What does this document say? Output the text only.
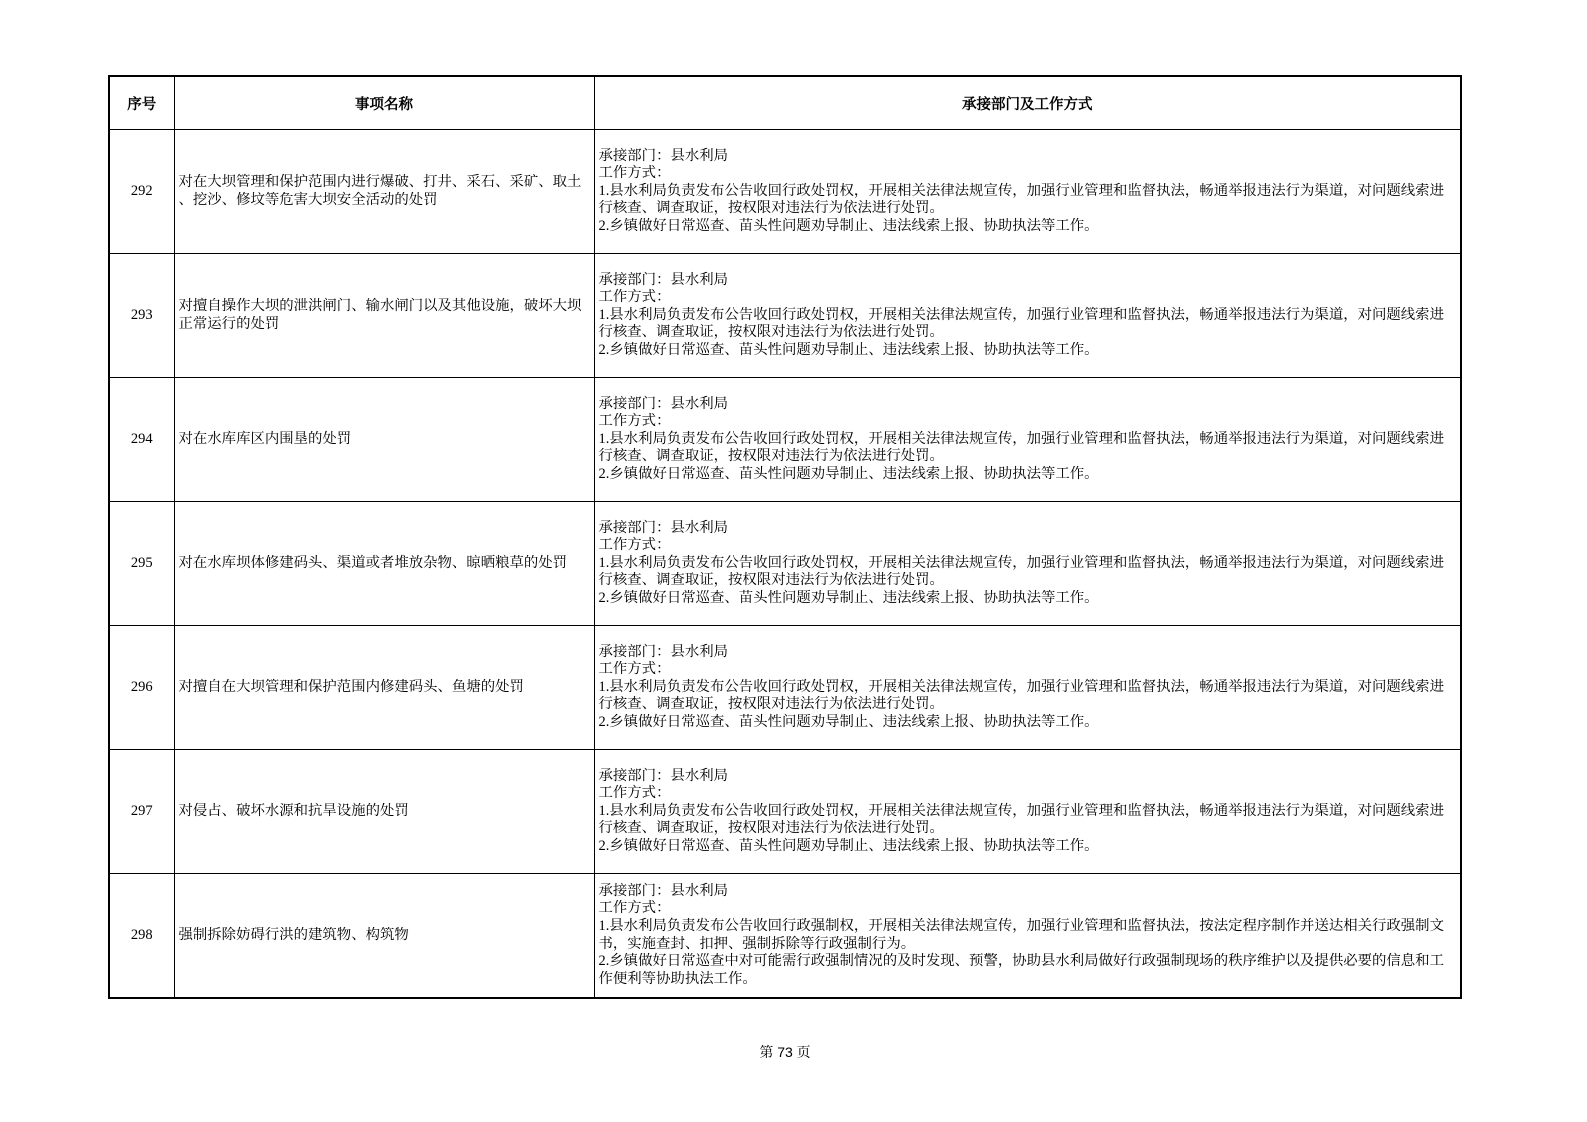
序号	事项名称	承接部门及工作方式
292	对在大坝管理和保护范围内进行爆破、打井、采石、采矿、取土、挖沙、修坟等危害大坝安全活动的处罚	承接部门：县水利局
工作方式：
1.县水利局负责发布公告收回行政处罚权，开展相关法律法规宣传，加强行业管理和监督执法，畅通举报违法行为渠道，对问题线索进行核查、调查取证，按权限对违法行为依法进行处罚。
2.乡镇做好日常巡查、苗头性问题劝导制止、违法线索上报、协助执法等工作。

293	对擅自操作大坝的泄洪闸门、输水闸门以及其他设施，破坏大坝正常运行的处罚	承接部门：县水利局
工作方式：
1.县水利局负责发布公告收回行政处罚权，开展相关法律法规宣传，加强行业管理和监督执法，畅通举报违法行为渠道，对问题线索进行核查、调查取证，按权限对违法行为依法进行处罚。
2.乡镇做好日常巡查、苗头性问题劝导制止、违法线索上报、协助执法等工作。

294	对在水库库区内围垦的处罚	承接部门：县水利局
工作方式：
1.县水利局负责发布公告收回行政处罚权，开展相关法律法规宣传，加强行业管理和监督执法，畅通举报违法行为渠道，对问题线索进行核查、调查取证，按权限对违法行为依法进行处罚。
2.乡镇做好日常巡查、苗头性问题劝导制止、违法线索上报、协助执法等工作。

295	对在水库坝体修建码头、渠道或者堆放杂物、晾晒粮草的处罚	承接部门：县水利局
工作方式：
1.县水利局负责发布公告收回行政处罚权，开展相关法律法规宣传，加强行业管理和监督执法，畅通举报违法行为渠道，对问题线索进行核查、调查取证，按权限对违法行为依法进行处罚。
2.乡镇做好日常巡查、苗头性问题劝导制止、违法线索上报、协助执法等工作。

296	对擅自在大坝管理和保护范围内修建码头、鱼塘的处罚	承接部门：县水利局
工作方式：
1.县水利局负责发布公告收回行政处罚权，开展相关法律法规宣传，加强行业管理和监督执法，畅通举报违法行为渠道，对问题线索进行核查、调查取证，按权限对违法行为依法进行处罚。
2.乡镇做好日常巡查、苗头性问题劝导制止、违法线索上报、协助执法等工作。

297	对侵占、破坏水源和抗旱设施的处罚	承接部门：县水利局
工作方式：
1.县水利局负责发布公告收回行政处罚权，开展相关法律法规宣传，加强行业管理和监督执法，畅通举报违法行为渠道，对问题线索进行核查、调查取证，按权限对违法行为依法进行处罚。
2.乡镇做好日常巡查、苗头性问题劝导制止、违法线索上报、协助执法等工作。

298	强制拆除妨碍行洪的建筑物、构筑物	承接部门：县水利局
工作方式：
1.县水利局负责发布公告收回行政强制权，开展相关法律法规宣传，加强行业管理和监督执法，按法定程序制作并送达相关行政强制文书，实施查封、扣押、强制拆除等行政强制行为。
2.乡镇做好日常巡查中对可能需行政强制情况的及时发现、预警，协助县水利局做好行政强制现场的秩序维护以及提供必要的信息和工作便利等协助执法工作。
第 73 页
